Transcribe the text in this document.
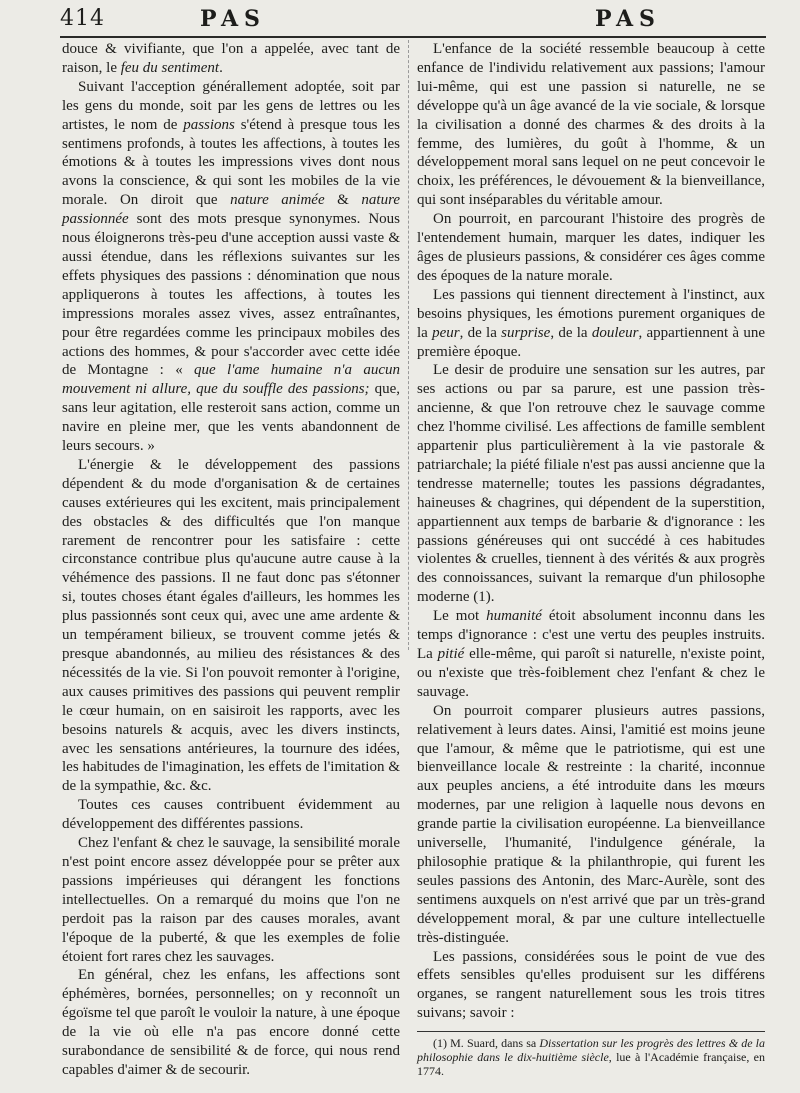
414	PAS	PAS

douce & vivifiante, que l'on a appelée, avec tant de raison, le feu du sentiment.

Suivant l'acception générallement adoptée, soit par les gens du monde, soit par les gens de lettres ou les artistes, le nom de passions s'étend à presque tous les sentimens profonds, à toutes les affections, à toutes les émotions & à toutes les impressions vives dont nous avons la conscience, & qui sont les mobiles de la vie morale. On diroit que nature animée & nature passionnée sont des mots presque synonymes. Nous nous éloignerons très-peu d'une acception aussi vaste & aussi étendue, dans les réflexions suivantes sur les effets physiques des passions : dénomination que nous appliquerons à toutes les affections, à toutes les impressions morales assez vives, assez entraînantes, pour être regardées comme les principaux mobiles des actions des hommes, & pour s'accorder avec cette idée de Montagne : « que l'ame humaine n'a aucun mouvement ni allure, que du souffle des passions; que, sans leur agitation, elle resteroit sans action, comme un navire en pleine mer, que les vents abandonnent de leurs secours. »

L'énergie & le développement des passions dépendent & du mode d'organisation & de certaines causes extérieures qui les excitent, mais principalement des obstacles & des difficultés que l'on manque rarement de rencontrer pour les satisfaire : cette circonstance contribue plus qu'aucune autre cause à la véhémence des passions. Il ne faut donc pas s'étonner si, toutes choses étant égales d'ailleurs, les hommes les plus passionnés sont ceux qui, avec une ame ardente & un tempérament bilieux, se trouvent comme jetés & presque abandonnés, au milieu des résistances & des nécessités de la vie. Si l'on pouvoit remonter à l'origine, aux causes primitives des passions qui peuvent remplir le cœur humain, on en saisiroit les rapports, avec les besoins naturels & acquis, avec les divers instincts, avec les sensations antérieures, la tournure des idées, les habitudes de l'imagination, les effets de l'imitation & de la sympathie, &c. &c.

Toutes ces causes contribuent évidemment au développement des différentes passions.

Chez l'enfant & chez le sauvage, la sensibilité morale n'est point encore assez développée pour se prêter aux passions impérieuses qui dérangent les fonctions intellectuelles. On a remarqué du moins que l'on ne perdoit pas la raison par des causes morales, avant l'époque de la puberté, & que les exemples de folie étoient fort rares chez les sauvages.

En général, chez les enfans, les affections sont éphémères, bornées, personnelles; on y reconnoît un égoïsme tel que paroît le vouloir la nature, à une époque de la vie où elle n'a pas encore donné cette surabondance de sensibilité & de force, qui nous rend capables d'aimer & de secourir.

L'enfance de la société ressemble beaucoup à cette enfance de l'individu relativement aux passions; l'amour lui-même, qui est une passion si naturelle, ne se développe qu'à un âge avancé de la vie sociale, & lorsque la civilisation a donné des charmes & des droits à la femme, des lumières, du goût à l'homme, & un développement moral sans lequel on ne peut concevoir le choix, les préférences, le dévouement & la bienveillance, qui sont inséparables du véritable amour.

On pourroit, en parcourant l'histoire des progrès de l'entendement humain, marquer les dates, indiquer les âges de plusieurs passions, & considérer ces âges comme des époques de la nature morale.

Les passions qui tiennent directement à l'instinct, aux besoins physiques, les émotions purement organiques de la peur, de la surprise, de la douleur, appartiennent à une première époque.

Le desir de produire une sensation sur les autres, par ses actions ou par sa parure, est une passion très-ancienne, & que l'on retrouve chez le sauvage comme chez l'homme civilisé. Les affections de famille semblent appartenir plus particulièrement à la vie pastorale & patriarchale; la piété filiale n'est pas aussi ancienne que la tendresse maternelle; toutes les passions dégradantes, haineuses & chagrines, qui dépendent de la superstition, appartiennent aux temps de barbarie & d'ignorance : les passions généreuses qui ont succédé à ces habitudes violentes & cruelles, tiennent à des vérités & aux progrès des connoissances, suivant la remarque d'un philosophe moderne (1).

Le mot humanité étoit absolument inconnu dans les temps d'ignorance : c'est une vertu des peuples instruits. La pitié elle-même, qui paroît si naturelle, n'existe point, ou n'existe que très-foiblement chez l'enfant & chez le sauvage.

On pourroit comparer plusieurs autres passions, relativement à leurs dates. Ainsi, l'amitié est moins jeune que l'amour, & même que le patriotisme, qui est une bienveillance locale & restreinte : la charité, inconnue aux peuples anciens, a été introduite dans les mœurs modernes, par une religion à laquelle nous devons en grande partie la civilisation européenne. La bienveillance universelle, l'humanité, l'indulgence générale, la philosophie pratique & la philanthropie, qui furent les seules passions des Antonin, des Marc-Aurèle, sont des sentimens auxquels on n'est arrivé que par un très-grand développement moral, & par une culture intellectuelle très-distinguée.

Les passions, considérées sous le point de vue des effets sensibles qu'elles produisent sur les différens organes, se rangent naturellement sous les trois titres suivans; savoir :

(1) M. Suard, dans sa Dissertation sur les progrès des lettres & de la philosophie dans le dix-huitième siècle, lue à l'Académie française, en 1774.
